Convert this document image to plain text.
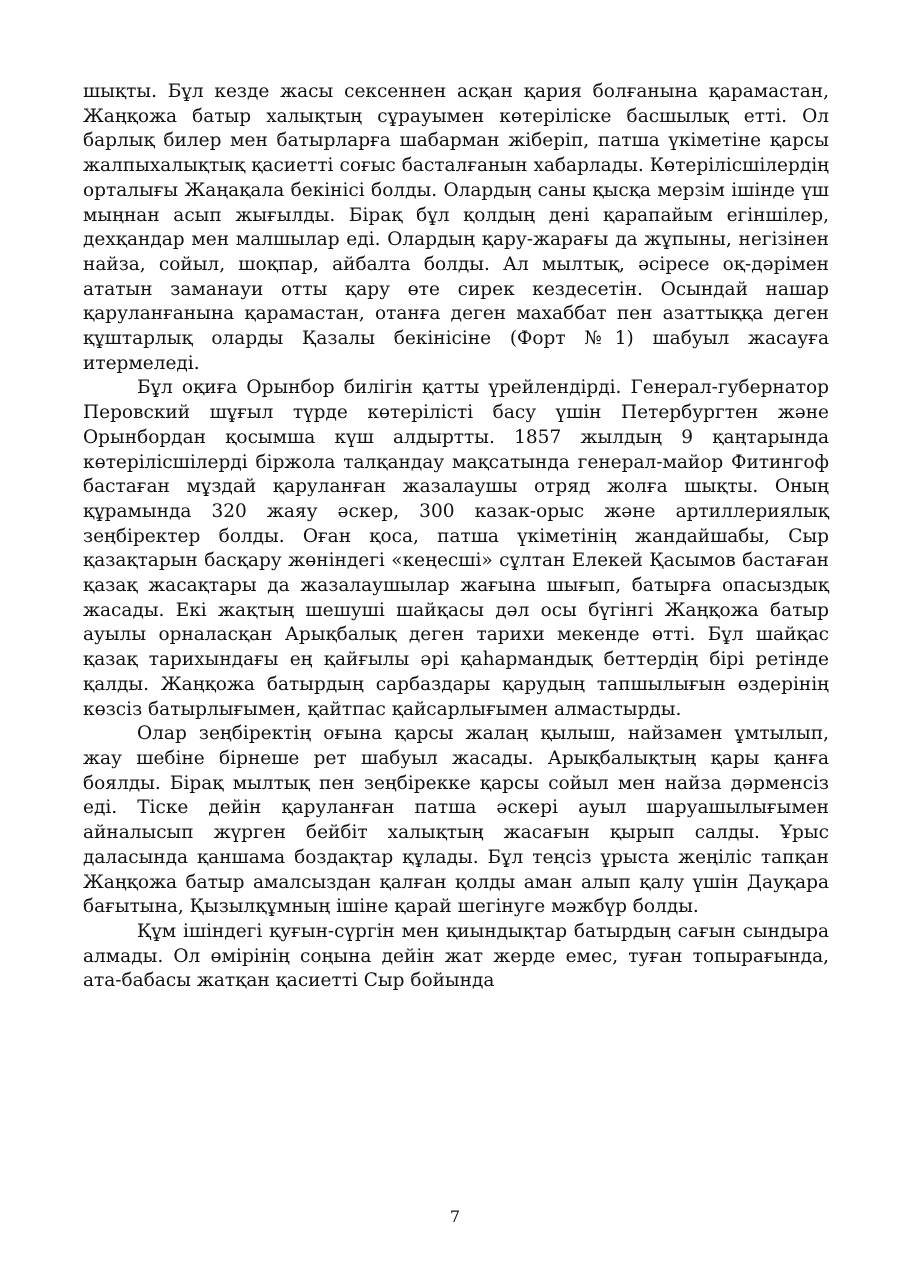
шықты. Бұл кезде жасы сексеннен асқан қария болғанына қарамастан, Жаңқожа батыр халықтың сұрауымен көтеріліске басшылық етті. Ол барлық билер мен батырларға шабарман жіберіп, патша үкіметіне қарсы жалпыхалықтық қасиетті соғыс басталғанын хабарлады. Көтерілісшілердің орталығы Жаңақала бекінісі болды. Олардың саны қысқа мерзім ішінде үш мыңнан асып жығылды. Бірақ бұл қолдың дені қарапайым егіншілер, дехқандар мен малшылар еді. Олардың қару-жарағы да жұпыны, негізінен найза, сойыл, шоқпар, айбалта болды. Ал мылтық, әсіресе оқ-дәрімен ататын заманауи отты қару өте сирек кездесетін. Осындай нашар қаруланғанына қарамастан, отанға деген махаббат пен азаттыққа деген құштарлық оларды Қазалы бекінісіне (Форт №1) шабуыл жасауға итермеледі.

Бұл оқиға Орынбор билігін қатты үрейлендірді. Генерал-губернатор Перовский шұғыл түрде көтерілісті басу үшін Петербургтен және Орынбордан қосымша күш алдыртты. 1857 жылдың 9 қаңтарында көтерілісшілерді біржола талқандау мақсатында генерал-майор Фитингоф бастаған мұздай қаруланған жазалаушы отряд жолға шықты. Оның құрамында 320 жаяу әскер, 300 казак-орыс және артиллериялық зеңбіректер болды. Оған қоса, патша үкіметінің жандайшабы, Сыр қазақтарын басқару жөніндегі «кеңесші» сұлтан Елекей Қасымов бастаған қазақ жасақтары да жазалаушылар жағына шығып, батырға опасыздық жасады. Екі жақтың шешуші шайқасы дәл осы бүгінгі Жаңқожа батыр ауылы орналасқан Арықбалық деген тарихи мекенде өтті. Бұл шайқас қазақ тарихындағы ең қайғылы әрі қаһармандық беттердің бірі ретінде қалды. Жаңқожа батырдың сарбаздары қарудың тапшылығын өздерінің көзсіз батырлығымен, қайтпас қайсарлығымен алмастырды.

Олар зеңбіректің оғына қарсы жалаң қылыш, найзамен ұмтылып, жау шебіне бірнеше рет шабуыл жасады. Арықбалықтың қары қанға боялды. Бірақ мылтық пен зеңбірекке қарсы сойыл мен найза дәрменсіз еді. Тіске дейін қаруланған патша әскері ауыл шаруашылығымен айналысып жүрген бейбіт халықтың жасағын қырып салды. Ұрыс даласында қаншама боздақтар құлады. Бұл теңсіз ұрыста жеңіліс тапқан Жаңқожа батыр амалсыздан қалған қолды аман алып қалу үшін Дауқара бағытына, Қызылқұмның ішіне қарай шегінуге мәжбүр болды.

Құм ішіндегі қуғын-сүргін мен қиындықтар батырдың сағын сындыра алмады. Ол өмірінің соңына дейін жат жерде емес, туған топырағында, ата-бабасы жатқан қасиетті Сыр бойында

7
